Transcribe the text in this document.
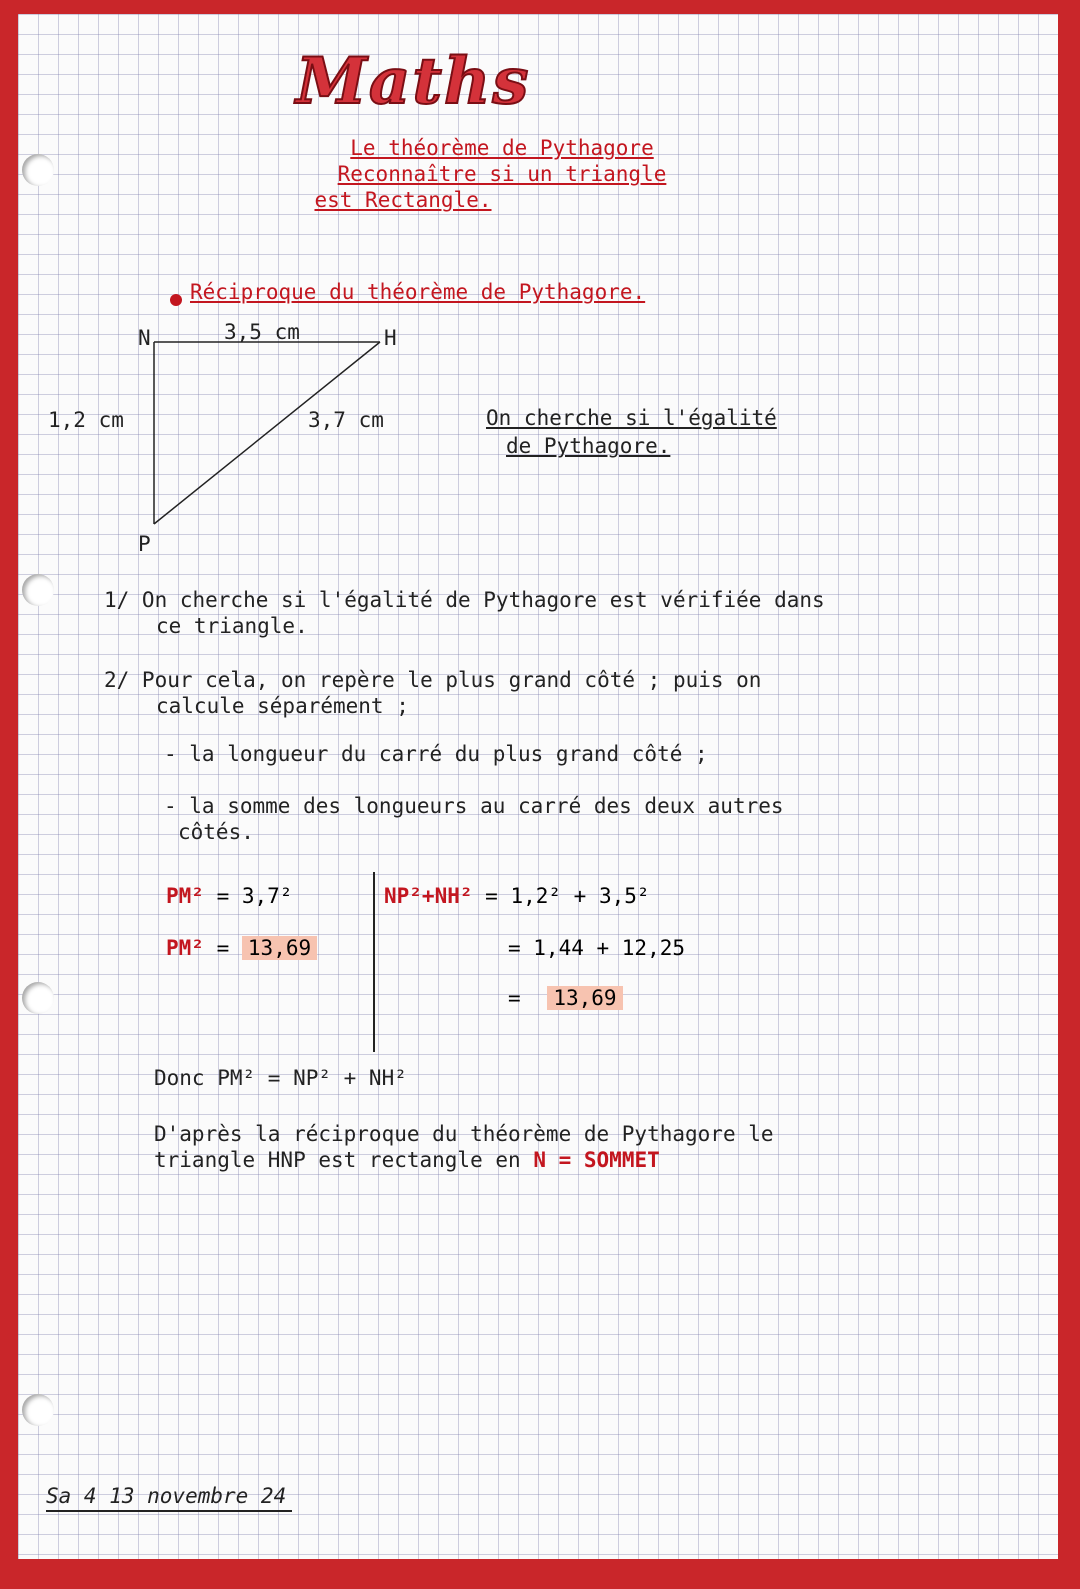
Maths
Le théorème de Pythagore
Reconnaître si un triangle
est Rectangle.
Réciproque du théorème de Pythagore.
N	H
P
3,5 cm
1,2 cm	3,7 cm	On cherche si l'égalité
de Pythagore.
1/ On cherche si l'égalité de Pythagore est vérifiée dans
ce triangle.
2/ Pour cela, on repère le plus grand côté ; puis on
calcule séparément ;
- la longueur du carré du plus grand côté ;
- la somme des longueurs au carré des deux autres
côtés.
PM² = 3,7²
PM² = 13,69
NP²+NH² = 1,2² + 3,5²
= 1,44 + 12,25
= 13,69
Donc PM² = NP² + NH²
D'après la réciproque du théorème de Pythagore le
triangle HNP est rectangle en N = SOMMET
Sa 4 13 novembre 24
